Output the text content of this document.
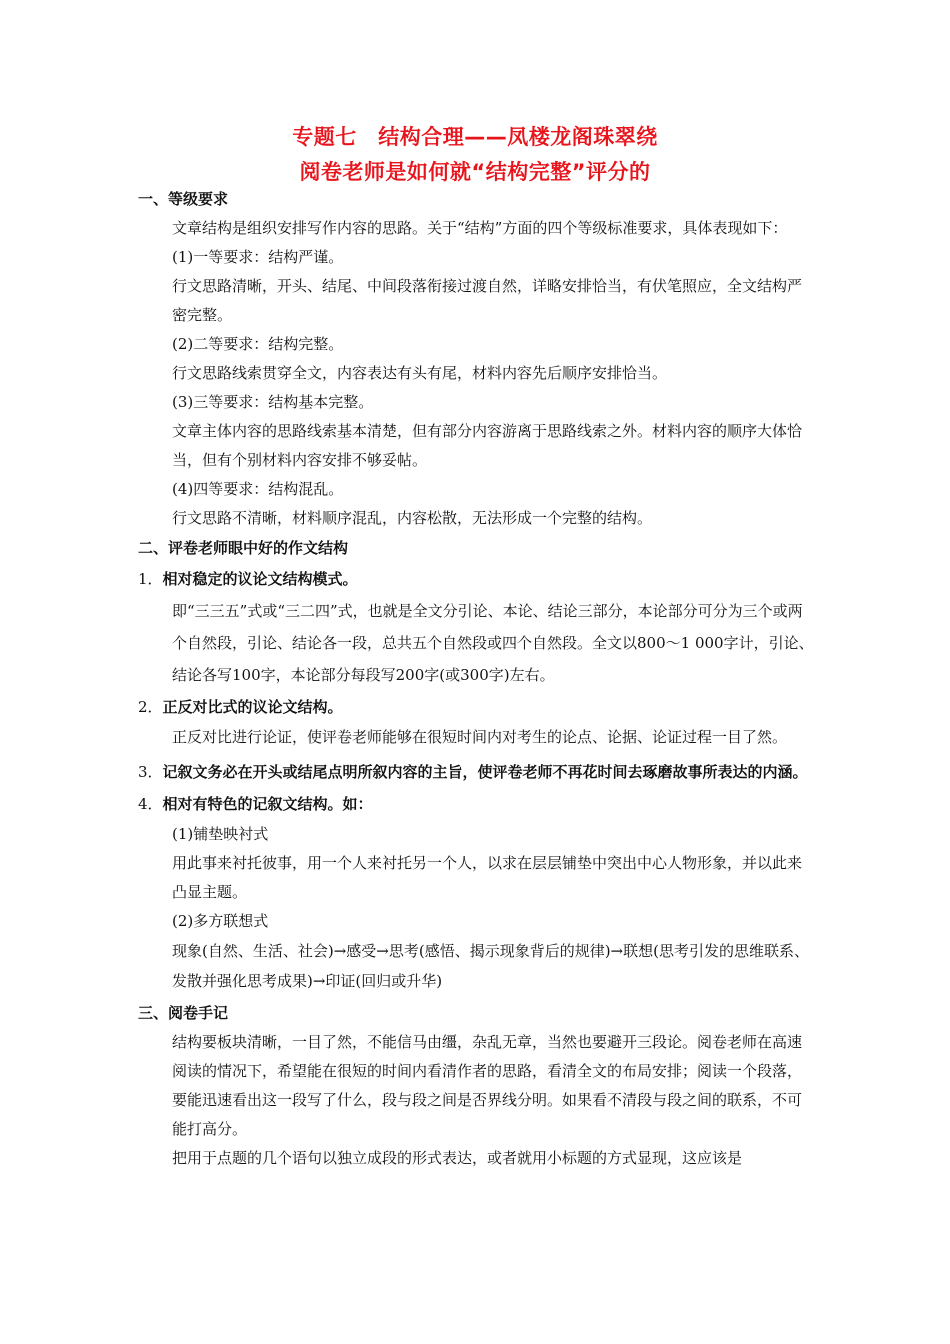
专题七　结构合理——凤楼龙阁珠翠绕
阅卷老师是如何就“结构完整”评分的
一、等级要求
文章结构是组织安排写作内容的思路。关于“结构”方面的四个等级标准要求，具体表现如下：
(1)一等要求：结构严谨。
行文思路清晰，开头、结尾、中间段落衔接过渡自然，详略安排恰当，有伏笔照应，全文结构严密完整。
(2)二等要求：结构完整。
行文思路线索贯穿全文，内容表达有头有尾，材料内容先后顺序安排恰当。
(3)三等要求：结构基本完整。
文章主体内容的思路线索基本清楚，但有部分内容游离于思路线索之外。材料内容的顺序大体恰当，但有个别材料内容安排不够妥帖。
(4)四等要求：结构混乱。
行文思路不清晰，材料顺序混乱，内容松散，无法形成一个完整的结构。
二、评卷老师眼中好的作文结构
1．相对稳定的议论文结构模式。
即“三三五”式或“三二四”式，也就是全文分引论、本论、结论三部分，本论部分可分为三个或两个自然段，引论、结论各一段，总共五个自然段或四个自然段。全文以800～1 000字计，引论、结论各写100字，本论部分每段写200字(或300字)左右。
2．正反对比式的议论文结构。
正反对比进行论证，使评卷老师能够在很短时间内对考生的论点、论据、论证过程一目了然。
3．记叙文务必在开头或结尾点明所叙内容的主旨，使评卷老师不再花时间去琢磨故事所表达的内涵。
4．相对有特色的记叙文结构。如：
(1)铺垫映衬式
用此事来衬托彼事，用一个人来衬托另一个人，以求在层层铺垫中突出中心人物形象，并以此来凸显主题。
(2)多方联想式
现象(自然、生活、社会)→感受→思考(感悟、揭示现象背后的规律)→联想(思考引发的思维联系、发散并强化思考成果)→印证(回归或升华)
三、阅卷手记
结构要板块清晰，一目了然，不能信马由缰，杂乱无章，当然也要避开三段论。阅卷老师在高速阅读的情况下，希望能在很短的时间内看清作者的思路，看清全文的布局安排；阅读一个段落，要能迅速看出这一段写了什么，段与段之间是否界线分明。如果看不清段与段之间的联系，不可能打高分。
把用于点题的几个语句以独立成段的形式表达，或者就用小标题的方式显现，这应该是
